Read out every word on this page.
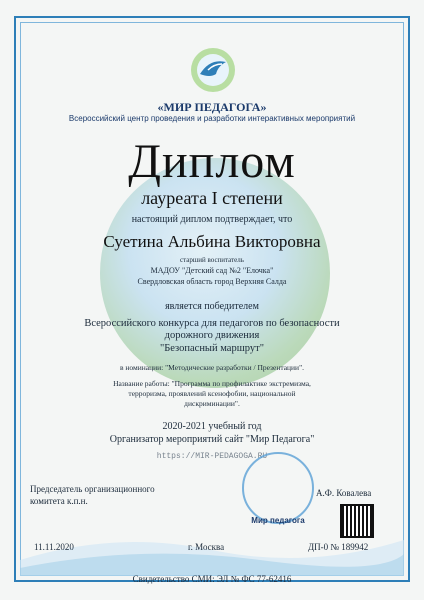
«МИР ПЕДАГОГА»
Всероссийский центр проведения и разработки интерактивных мероприятий
Диплом
лауреата I степени
настоящий диплом подтверждает, что
Суетина Альбина Викторовна
старший воспитатель
МАДОУ "Детский сад №2 "Елочка"
Свердловская область город Верхняя Салда
является победителем
Всероссийского конкурса для педагогов по безопасности
дорожного движения
"Безопасный маршрут"
в номинации: "Методические разработки / Презентации".
Название работы: "Программа по профилактике экстремизма,
терроризма, проявлений ксенофобии, национальной
дискриминации".
2020-2021 учебный год
Организатор мероприятий сайт "Мир Педагога"
https://MIR-PEDAGOGA.RU
Председатель организационного
комитета к.п.н.
А.Ф. Ковалева
Мир педагога
11.11.2020	г. Москва	ДП-0 № 189942
Свидетельство СМИ: ЭЛ № ФС 77-62416
